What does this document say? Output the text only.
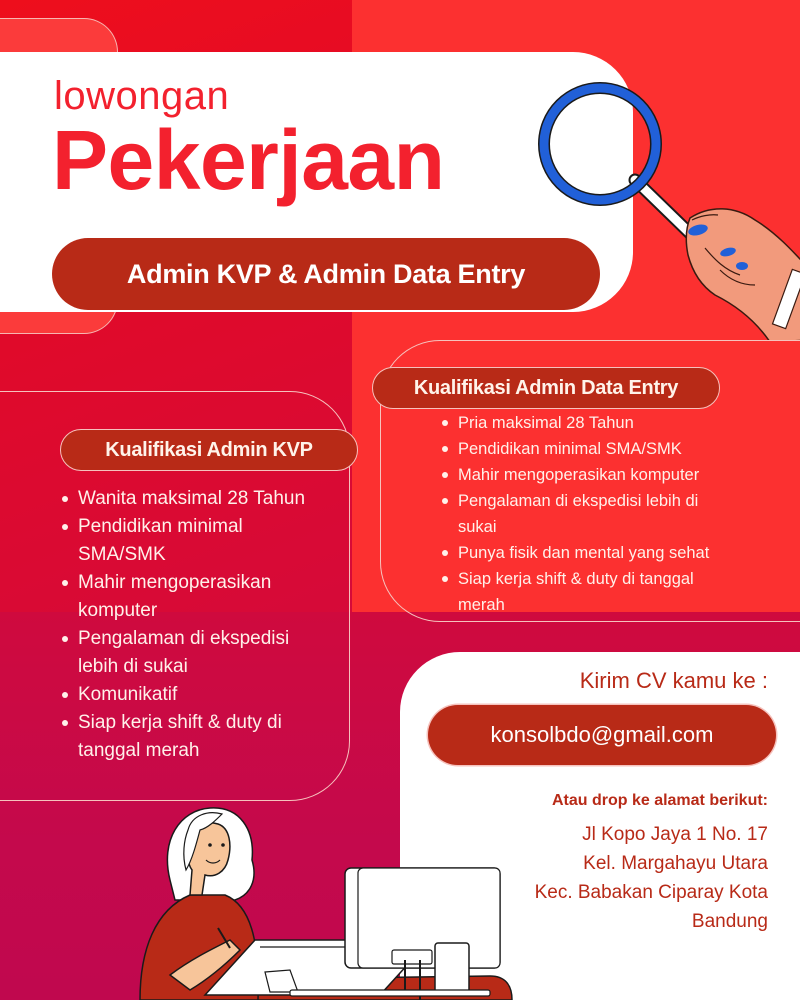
lowongan
Pekerjaan
Admin KVP & Admin Data Entry
Kualifikasi Admin KVP
Wanita maksimal 28 Tahun
Pendidikan minimal SMA/SMK
Mahir mengoperasikan komputer
Pengalaman di ekspedisi lebih di sukai
Komunikatif
Siap kerja shift & duty di tanggal merah
Kualifikasi Admin Data Entry
Pria maksimal 28 Tahun
Pendidikan minimal SMA/SMK
Mahir mengoperasikan komputer
Pengalaman di ekspedisi lebih di sukai
Punya fisik dan mental yang sehat
Siap kerja shift & duty di tanggal merah
Kirim CV kamu ke :
konsolbdo@gmail.com
Atau drop ke alamat berikut:
Jl Kopo Jaya 1 No. 17
Kel. Margahayu Utara
Kec. Babakan Ciparay Kota
Bandung
